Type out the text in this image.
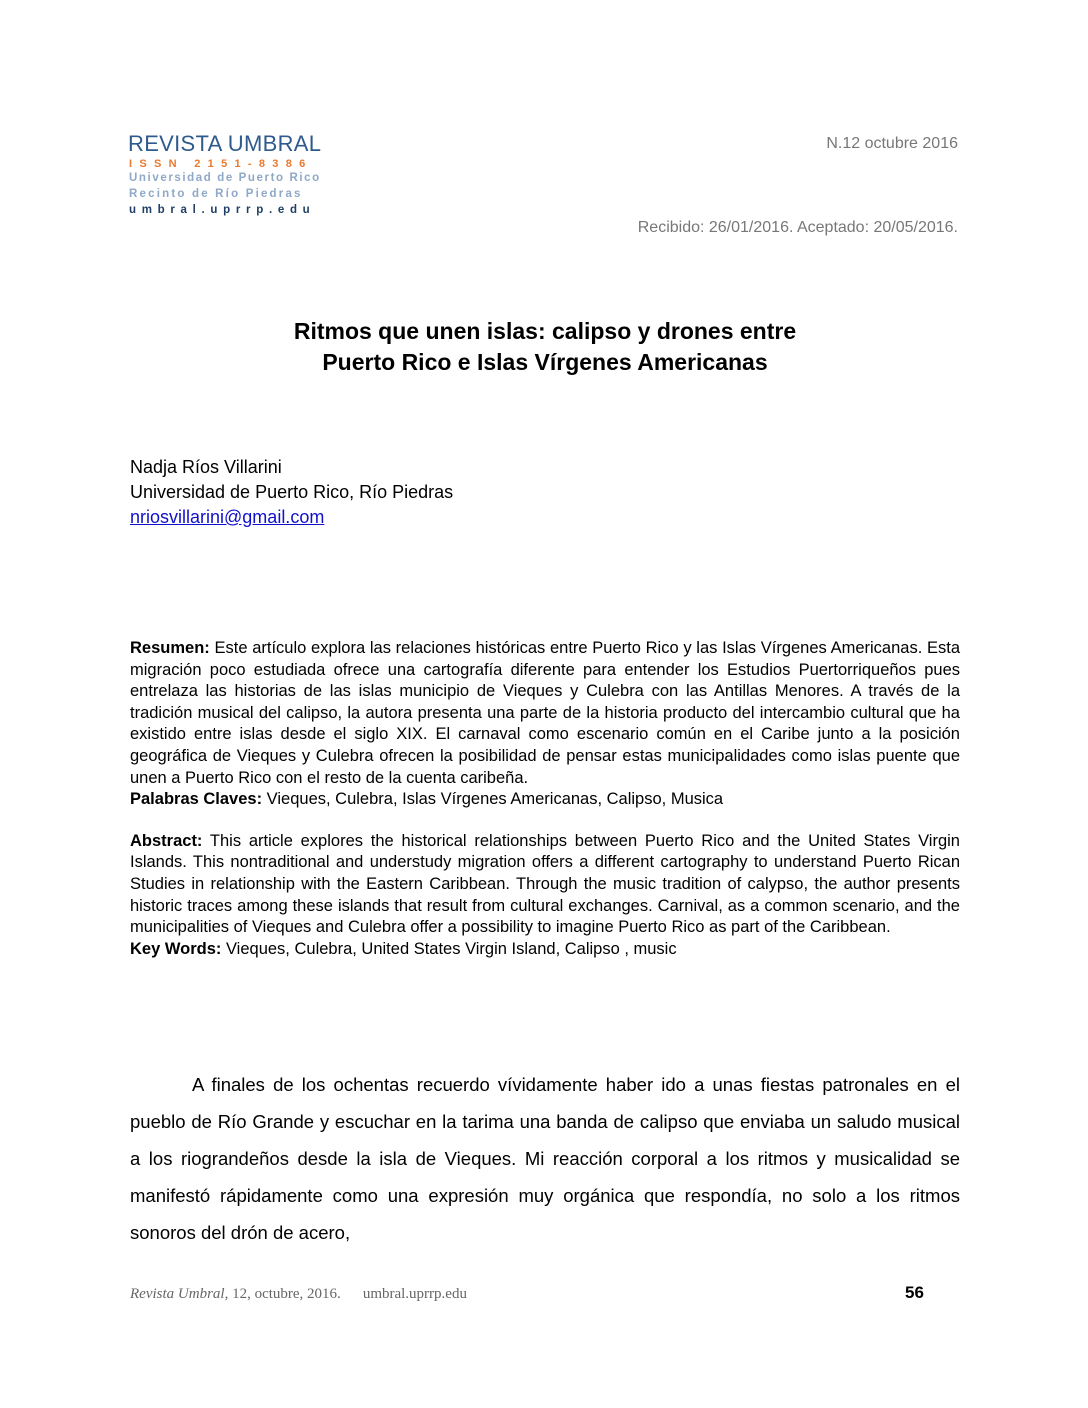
REVISTA UMBRAL
ISSN 2151-8386
Universidad de Puerto Rico
Recinto de Río Piedras
umbral.uprrp.edu
N.12 octubre 2016
Recibido: 26/01/2016. Aceptado: 20/05/2016.
Ritmos que unen islas: calipso y drones entre
Puerto Rico e Islas Vírgenes Americanas
Nadja Ríos Villarini
Universidad de Puerto Rico, Río Piedras
nriosvillarini@gmail.com

Resumen: Este artículo explora las relaciones históricas entre Puerto Rico y las Islas Vírgenes Americanas. Esta migración poco estudiada ofrece una cartografía diferente para entender los Estudios Puertorriqueños pues entrelaza las historias de las islas municipio de Vieques y Culebra con las Antillas Menores. A través de la tradición musical del calipso, la autora presenta una parte de la historia producto del intercambio cultural que ha existido entre islas desde el siglo XIX. El carnaval como escenario común en el Caribe junto a la posición geográfica de Vieques y Culebra ofrecen la posibilidad de pensar estas municipalidades como islas puente que unen a Puerto Rico con el resto de la cuenta caribeña.

Palabras Claves: Vieques, Culebra, Islas Vírgenes Americanas, Calipso, Musica

Abstract: This article explores the historical relationships between Puerto Rico and the United States Virgin Islands. This nontraditional and understudy migration offers a different cartography to understand Puerto Rican Studies in relationship with the Eastern Caribbean. Through the music tradition of calypso, the author presents historic traces among these islands that result from cultural exchanges. Carnival, as a common scenario, and the municipalities of Vieques and Culebra offer a possibility to imagine Puerto Rico as part of the Caribbean.

Key Words: Vieques, Culebra, United States Virgin Island, Calipso , music

A finales de los ochentas recuerdo vívidamente haber ido a unas fiestas patronales en el pueblo de Río Grande y escuchar en la tarima una banda de calipso que enviaba un saludo musical a los riograndeños desde la isla de Vieques. Mi reacción corporal a los ritmos y musicalidad se manifestó rápidamente como una expresión muy orgánica que respondía, no solo a los ritmos sonoros del drón de acero,

Revista Umbral, 12, octubre, 2016. umbral.uprrp.edu	56
